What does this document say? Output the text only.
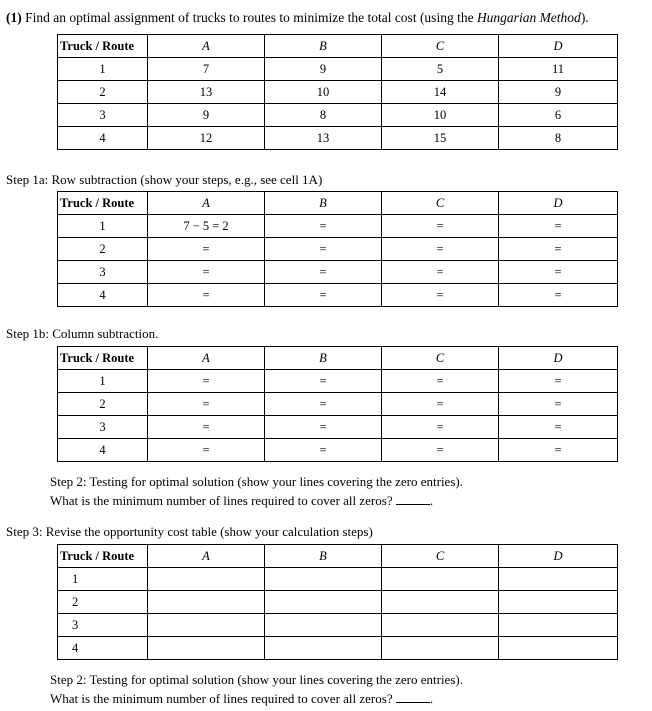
(1) Find an optimal assignment of trucks to routes to minimize the total cost (using the Hungarian Method).
Truck / Route	A	B	C	D
1	7	9	5	11
2	13	10	14	9
3	9	8	10	6
4	12	13	15	8
Step 1a: Row subtraction (show your steps, e.g., see cell 1A)
Truck / Route	A	B	C	D
1	7 − 5 = 2	=	=	=
2	=	=	=	=
3	=	=	=	=
4	=	=	=	=
Step 1b: Column subtraction.
Truck / Route	A	B	C	D
1	=	=	=	=
2	=	=	=	=
3	=	=	=	=
4	=	=	=	=
Step 2: Testing for optimal solution (show your lines covering the zero entries).
What is the minimum number of lines required to cover all zeros?	.
Step 3: Revise the opportunity cost table (show your calculation steps)
Truck / Route	A	B	C	D
1				
2				
3				
4				
Step 2: Testing for optimal solution (show your lines covering the zero entries).
What is the minimum number of lines required to cover all zeros?	.
